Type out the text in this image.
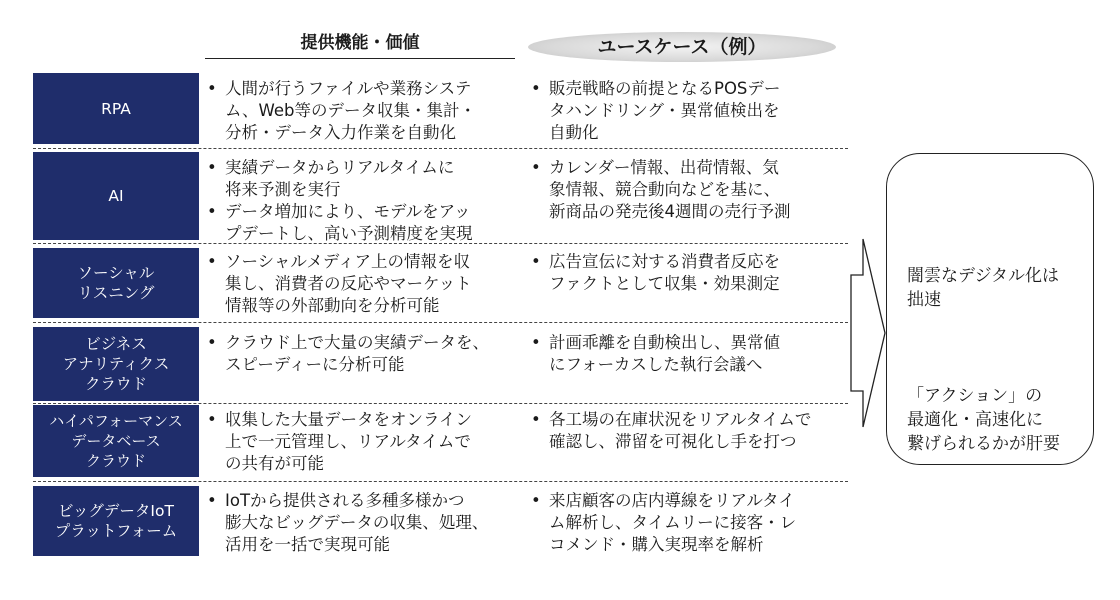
提供機能・価値	ユースケース（例）
RPA
• 人間が行うファイルや業務システ
ム、Web等のデータ収集・集計・
分析・データ入力作業を自動化
• 販売戦略の前提となるPOSデー
タハンドリング・異常値検出を
自動化
AI
• 実績データからリアルタイムに
将来予測を実行
• データ増加により、モデルをアッ
プデートし、高い予測精度を実現
• カレンダー情報、出荷情報、気
象情報、競合動向などを基に、
新商品の発売後4週間の売行予測
ソーシャル
リスニング
• ソーシャルメディア上の情報を収
集し、消費者の反応やマーケット
情報等の外部動向を分析可能
• 広告宣伝に対する消費者反応を
ファクトとして収集・効果測定
ビジネス
アナリティクス
クラウド
• クラウド上で大量の実績データを、
スピーディーに分析可能
• 計画乖離を自動検出し、異常値
にフォーカスした執行会議へ
ハイパフォーマンス
データベース
クラウド
• 収集した大量データをオンライン
上で一元管理し、リアルタイムで
の共有が可能
• 各工場の在庫状況をリアルタイムで
確認し、滞留を可視化し手を打つ
ビッグデータIoT
プラットフォーム
• IoTから提供される多種多様かつ
膨大なビッグデータの収集、処理、
活用を一括で実現可能
• 来店顧客の店内導線をリアルタイ
ム解析し、タイムリーに接客・レ
コメンド・購入実現率を解析

闇雲なデジタル化は
拙速

「アクション」の
最適化・高速化に
繋げられるかが肝要
